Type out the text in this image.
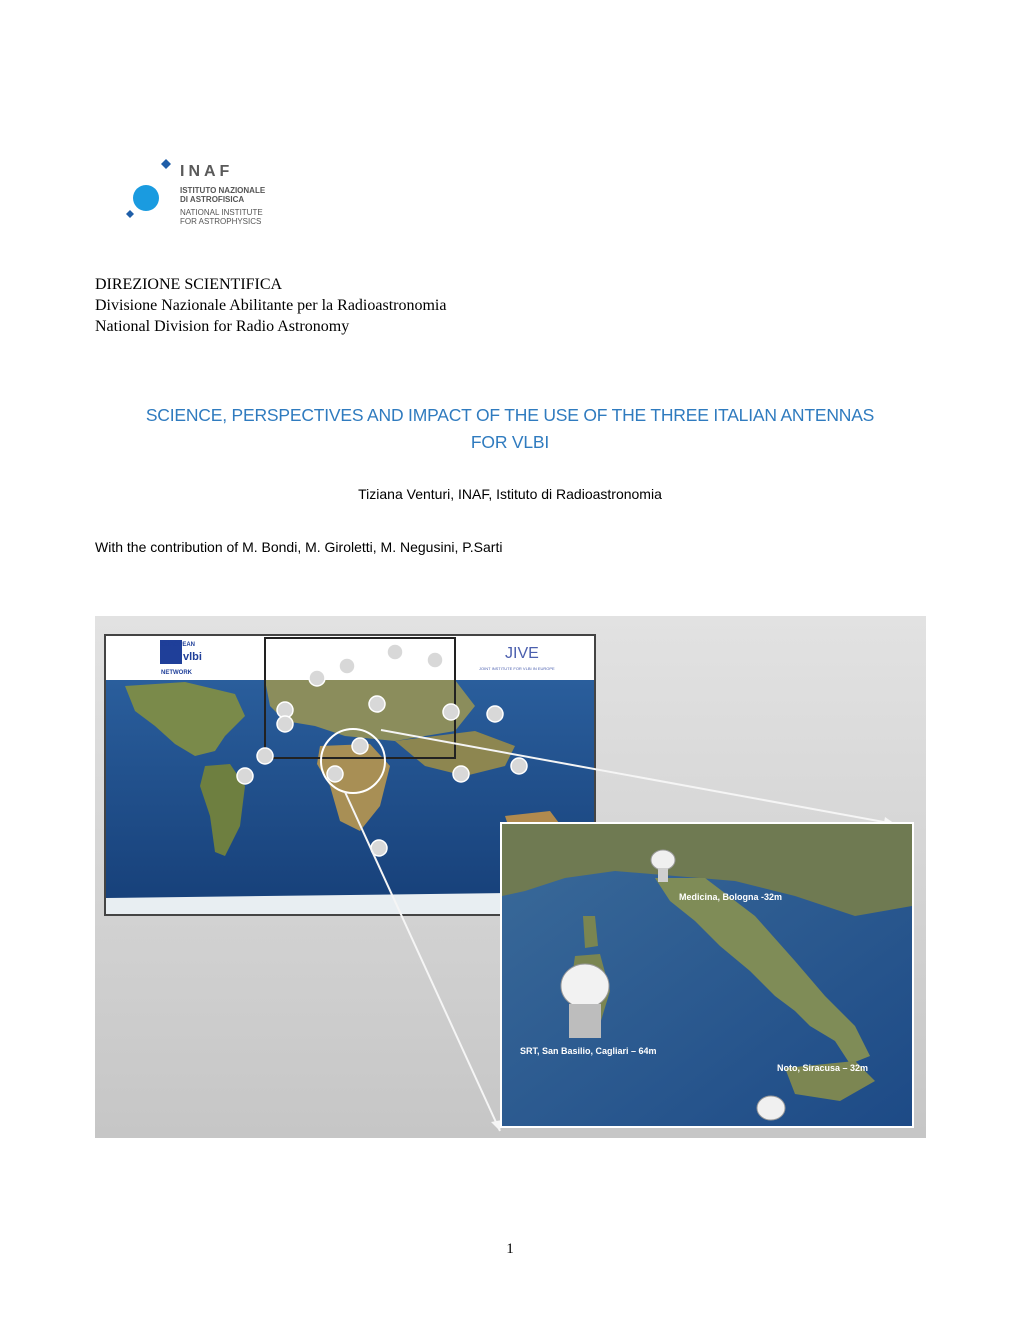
INAF
ISTITUTO NAZIONALE
DI ASTROFISICA
NATIONAL INSTITUTE
FOR ASTROPHYSICS
DIREZIONE SCIENTIFICA
Divisione Nazionale Abilitante per la Radioastronomia
National Division for Radio Astronomy
SCIENCE, PERSPECTIVES AND IMPACT OF THE USE OF THE THREE ITALIAN ANTENNAS
FOR VLBI
Tiziana Venturi, INAF, Istituto di Radioastronomia
With the contribution of M. Bondi, M. Giroletti, M. Negusini, P.Sarti
EUROPEAN
vlbi
NETWORK
JIVE
JOINT INSTITUTE FOR VLBI IN EUROPE
Medicina, Bologna -32m
SRT, San Basilio, Cagliari – 64m
Noto, Siracusa – 32m
1
